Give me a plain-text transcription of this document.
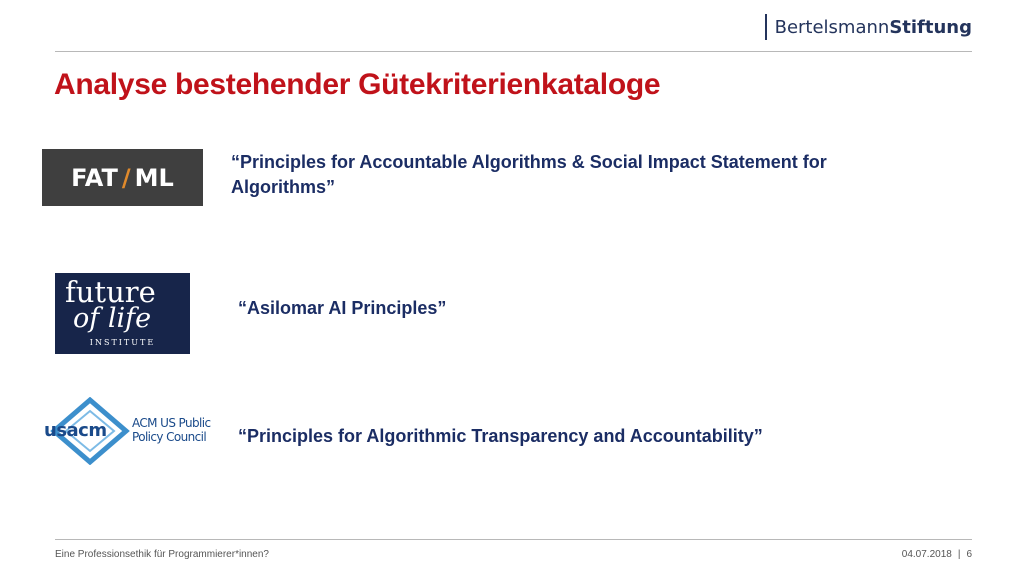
Bertelsmann Stiftung
Analyse bestehender Gütekriterienkataloge
FAT / ML
future
of life
INSTITUTE
usacm ACM US Public
Policy Council

“Principles for Accountable Algorithms & Social Impact Statement for Algorithms”

“Asilomar AI Principles”

“Principles for Algorithmic Transparency and Accountability”

Eine Professionsethik für Programmierer*innen?	04.07.2018 | 6
